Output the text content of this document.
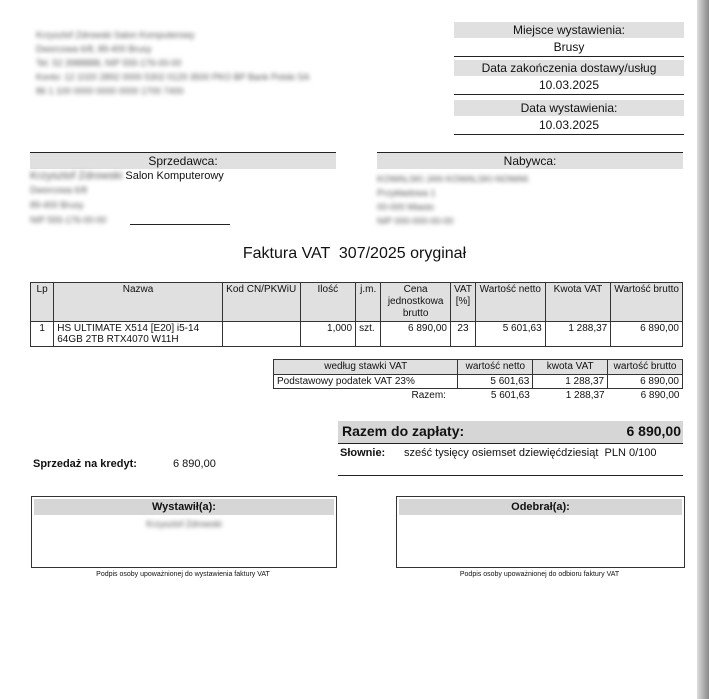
Krzysztof Zdrowski Salon Komputerowy
Dworcowa 6/8, 89-400 Brusy
Tel. 52 3988888, NIP 555-176-00-00
Konto: 12 1020 2892 0000 5302 0129 3500 PKO BP Bank Polski SA
86 1 100 0000 0000 0000 1700 7400
Miejsce wystawienia:
Brusy
Data zakończenia dostawy/usług
10.03.2025
Data wystawienia:
10.03.2025
Sprzedawca:
Krzysztof Zdrowski Salon Komputerowy
Dworcowa 6/8
89-400 Brusy
NIP 555-176-00-00
Nabywca:
KOWALSKI JAN KOWALSKI-NOWAK
Przykładowa 1
00-000 Miasto
NIP 000-000-00-00
Faktura VAT  307/2025 oryginał
Lp	Nazwa	Kod CN/PKWiU	Ilość	j.m.	Cena jednostkowa brutto	VAT [%]	Wartość netto	Kwota VAT	Wartość brutto
1	HS ULTIMATE X514 [E20] i5-14 64GB 2TB RTX4070 W11H		1,000	szt.	6 890,00	23	5 601,63	1 288,37	6 890,00
według stawki VAT	wartość netto	kwota VAT	wartość brutto
Podstawowy podatek VAT 23%	5 601,63	1 288,37	6 890,00
Razem:	5 601,63	1 288,37	6 890,00
Razem do zapłaty:	6 890,00
Słownie: sześć tysięcy osiemset dziewięćdziesiąt  PLN 0/100
Sprzedaż na kredyt:	6 890,00
Wystawił(a):
Krzysztof Zdrowski
Podpis osoby upoważnionej do wystawienia faktury VAT
Odebrał(a):
Podpis osoby upoważnionej do odbioru faktury VAT
